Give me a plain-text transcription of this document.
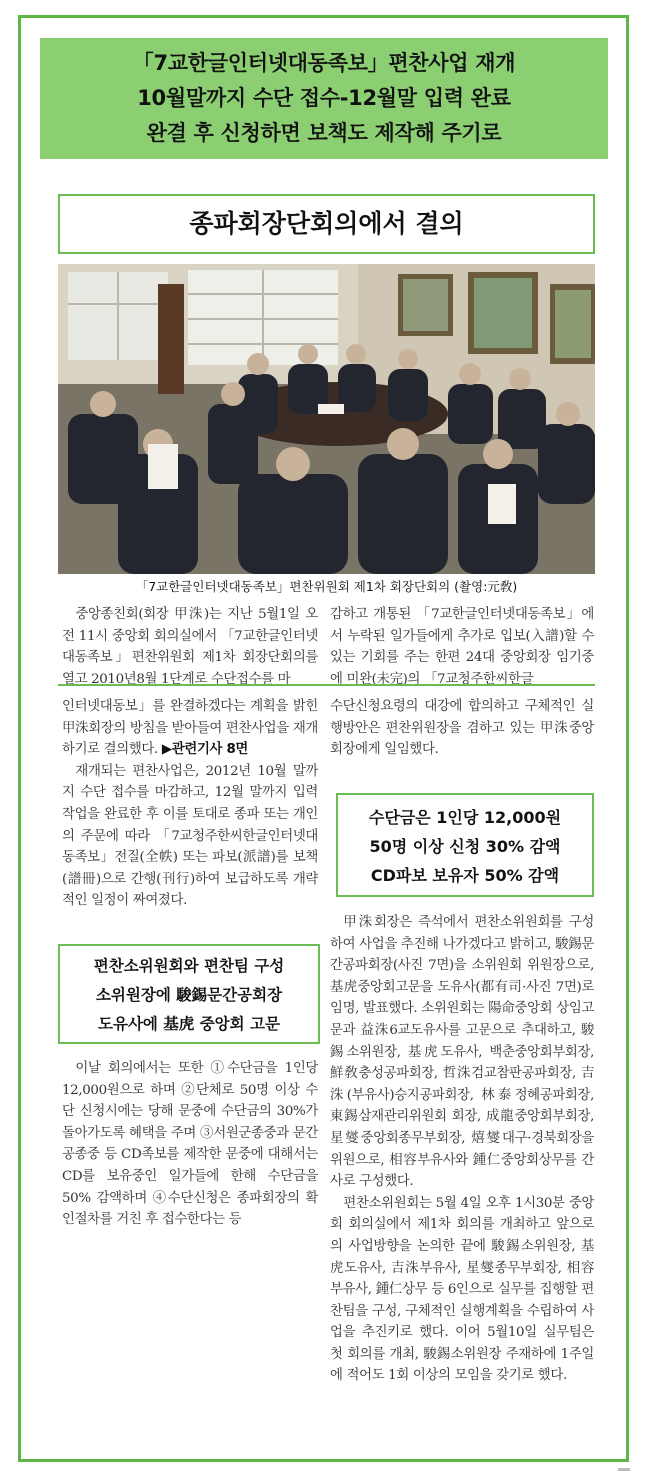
「7교한글인터넷대동족보」편찬사업 재개
10월말까지 수단 접수-12월말 입력 완료
완결 후 신청하면 보책도 제작해 주기로
종파회장단회의에서 결의
「7교한글인터넷대동족보」편찬위원회 제1차 회장단회의 (촬영:元敎)

중앙종친회(회장 甲洙)는 지난 5월1일 오전 11시 중앙회 회의실에서 「7교한글인터넷대동족보」편찬위원회 제1차 회장단회의를 열고 2010년8월 1단계로 수단접수를 마

감하고 개통된 「7교한글인터넷대동족보」에서 누락된 일가들에게 추가로 입보(入譜)할 수 있는 기회를 주는 한편 24대 중앙회장 임기중에 미완(未完)의 「7교청주한씨한글

인터넷대동보」를 완결하겠다는 계획을 밝힌 甲洙회장의 방침을 받아들여 편찬사업을 재개하기로 결의했다. ▶관련기사 8면

재개되는 편찬사업은, 2012년 10월 말까지 수단 접수를 마감하고, 12월 말까지 입력작업을 완료한 후 이를 토대로 종파 또는 개인의 주문에 따라 「7교청주한씨한글인터넷대동족보」전질(全帙) 또는 파보(派譜)를 보책(譜冊)으로 간행(刊行)하여 보급하도록 개략적인 일정이 짜여졌다.

편찬소위원회와 편찬팀 구성
소위원장에 駿錫문간공회장
도유사에 基虎 중앙회 고문

이날 회의에서는 또한 ①수단금을 1인당 12,000원으로 하며 ②단체로 50명 이상 수단 신청시에는 당해 문중에 수단금의 30%가 돌아가도록 혜택을 주며 ③서원군종중과 문간공종중 등 CD족보를 제작한 문중에 대해서는 CD를 보유중인 일가들에 한해 수단금을 50% 감액하며 ④수단신청은 종파회장의 확인절차를 거친 후 접수한다는 등

수단신청요령의 대강에 합의하고 구체적인 실행방안은 편찬위원장을 겸하고 있는 甲洙중앙회장에게 일임했다.

수단금은 1인당 12,000원
50명 이상 신청 30% 감액
CD파보 보유자 50% 감액

甲洙회장은 즉석에서 편찬소위원회를 구성하여 사업을 추진해 나가겠다고 밝히고, 駿錫문간공파회장(사진 7면)을 소위원회 위원장으로, 基虎중앙회고문을 도유사(都有司·사진 7면)로 임명, 발표했다. 소위원회는 陽命중앙회 상임고문과 益洙6교도유사를 고문으로 추대하고, 駿錫소위원장, 基虎도유사, 백춘중앙회부회장, 鮮敎충성공파회장, 哲洙검교참판공파회장, 吉洙(부유사)승지공파회장, 林泰정혜공파회장, 東錫삼재관리위원회 회장, 成龍중앙회부회장, 星燮중앙회종무부회장, 熺燮대구·경북회장을 위원으로, 相容부유사와 鍾仁중앙회상무를 간사로 구성했다.

편찬소위원회는 5월 4일 오후 1시30분 중앙회 회의실에서 제1차 회의를 개최하고 앞으로의 사업방향을 논의한 끝에 駿錫소위원장, 基虎도유사, 吉洙부유사, 星燮종무부회장, 相容부유사, 鍾仁상무 등 6인으로 실무를 집행할 편찬팀을 구성, 구체적인 실행계획을 수립하여 사업을 추진키로 했다. 이어 5월10일 실무팀은 첫 회의를 개최, 駿錫소위원장 주재하에 1주일에 적어도 1회 이상의 모임을 갖기로 했다.
